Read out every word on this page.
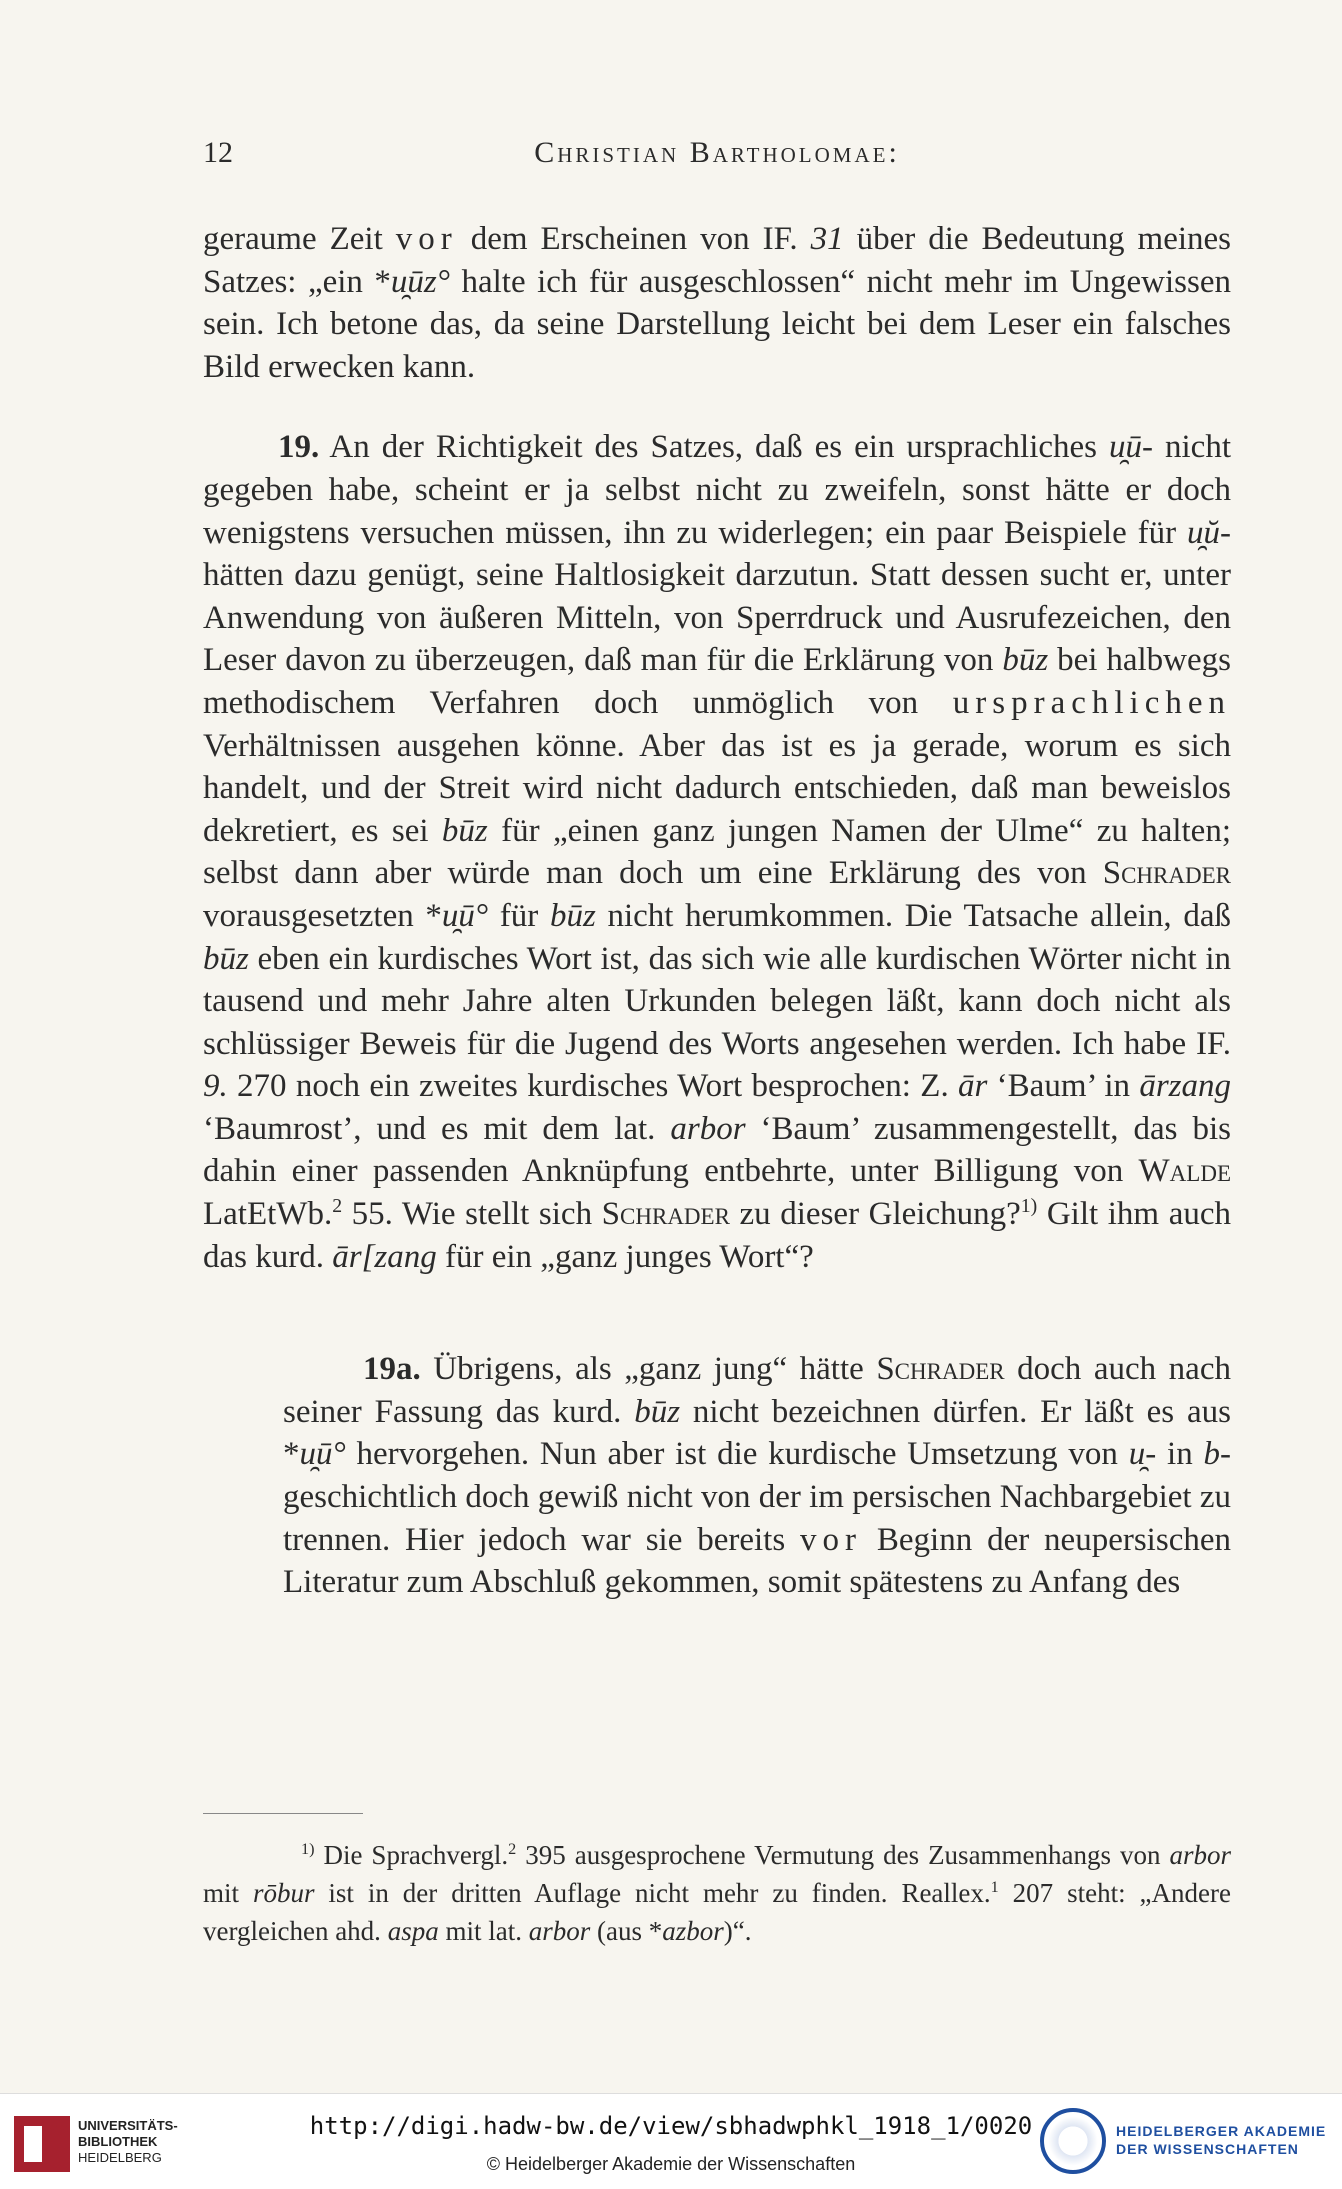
12	Christian Bartholomae:

geraume Zeit vor dem Erscheinen von IF. 31 über die Bedeutung meines Satzes: „ein *u̯ūz° halte ich für ausgeschlossen“ nicht mehr im Ungewissen sein. Ich betone das, da seine Darstellung leicht bei dem Leser ein falsches Bild erwecken kann.

19. An der Richtigkeit des Satzes, daß es ein ursprachliches u̯ū- nicht gegeben habe, scheint er ja selbst nicht zu zweifeln, sonst hätte er doch wenigstens versuchen müssen, ihn zu widerlegen; ein paar Beispiele für u̯ŭ- hätten dazu genügt, seine Haltlosigkeit darzutun. Statt dessen sucht er, unter Anwendung von äußeren Mitteln, von Sperrdruck und Ausrufezeichen, den Leser davon zu überzeugen, daß man für die Erklärung von būz bei halbwegs methodischem Verfahren doch unmöglich von ursprachlichen Verhältnissen ausgehen könne. Aber das ist es ja gerade, worum es sich handelt, und der Streit wird nicht dadurch entschieden, daß man beweislos dekretiert, es sei būz für „einen ganz jungen Namen der Ulme“ zu halten; selbst dann aber würde man doch um eine Erklärung des von Schrader vorausgesetzten *u̯ū° für būz nicht herumkommen. Die Tatsache allein, daß būz eben ein kurdisches Wort ist, das sich wie alle kurdischen Wörter nicht in tausend und mehr Jahre alten Urkunden belegen läßt, kann doch nicht als schlüssiger Beweis für die Jugend des Worts angesehen werden. Ich habe IF. 9. 270 noch ein zweites kurdisches Wort besprochen: Z. ār ‘Baum’ in ārzang ‘Baumrost’, und es mit dem lat. arbor ‘Baum’ zusammengestellt, das bis dahin einer passenden Anknüpfung entbehrte, unter Billigung von Walde LatEtWb.$^2$ 55. Wie stellt sich Schrader zu dieser Gleichung?$^{1)}$ Gilt ihm auch das kurd. ār[zang für ein „ganz junges Wort“?

19a. Übrigens, als „ganz jung“ hätte Schrader doch auch nach seiner Fassung das kurd. būz nicht bezeichnen dürfen. Er läßt es aus *u̯ū° hervorgehen. Nun aber ist die kurdische Umsetzung von u̯- in b- geschichtlich doch gewiß nicht von der im persischen Nachbargebiet zu trennen. Hier jedoch war sie bereits vor Beginn der neupersischen Literatur zum Abschluß gekommen, somit spätestens zu Anfang des

$^{1)}$ Die Sprachvergl.$^2$ 395 ausgesprochene Vermutung des Zusammenhangs von arbor mit rōbur ist in der dritten Auflage nicht mehr zu finden. Reallex.$^1$ 207 steht: „Andere vergleichen ahd. aspa mit lat. arbor (aus *azbor)“.
UNIVERSITÄTS-
BIBLIOTHEK
HEIDELBERG
http://digi.hadw-bw.de/view/sbhadwphkl_1918_1/0020
© Heidelberger Akademie der Wissenschaften
HEIDELBERGER AKADEMIE
DER WISSENSCHAFTEN
